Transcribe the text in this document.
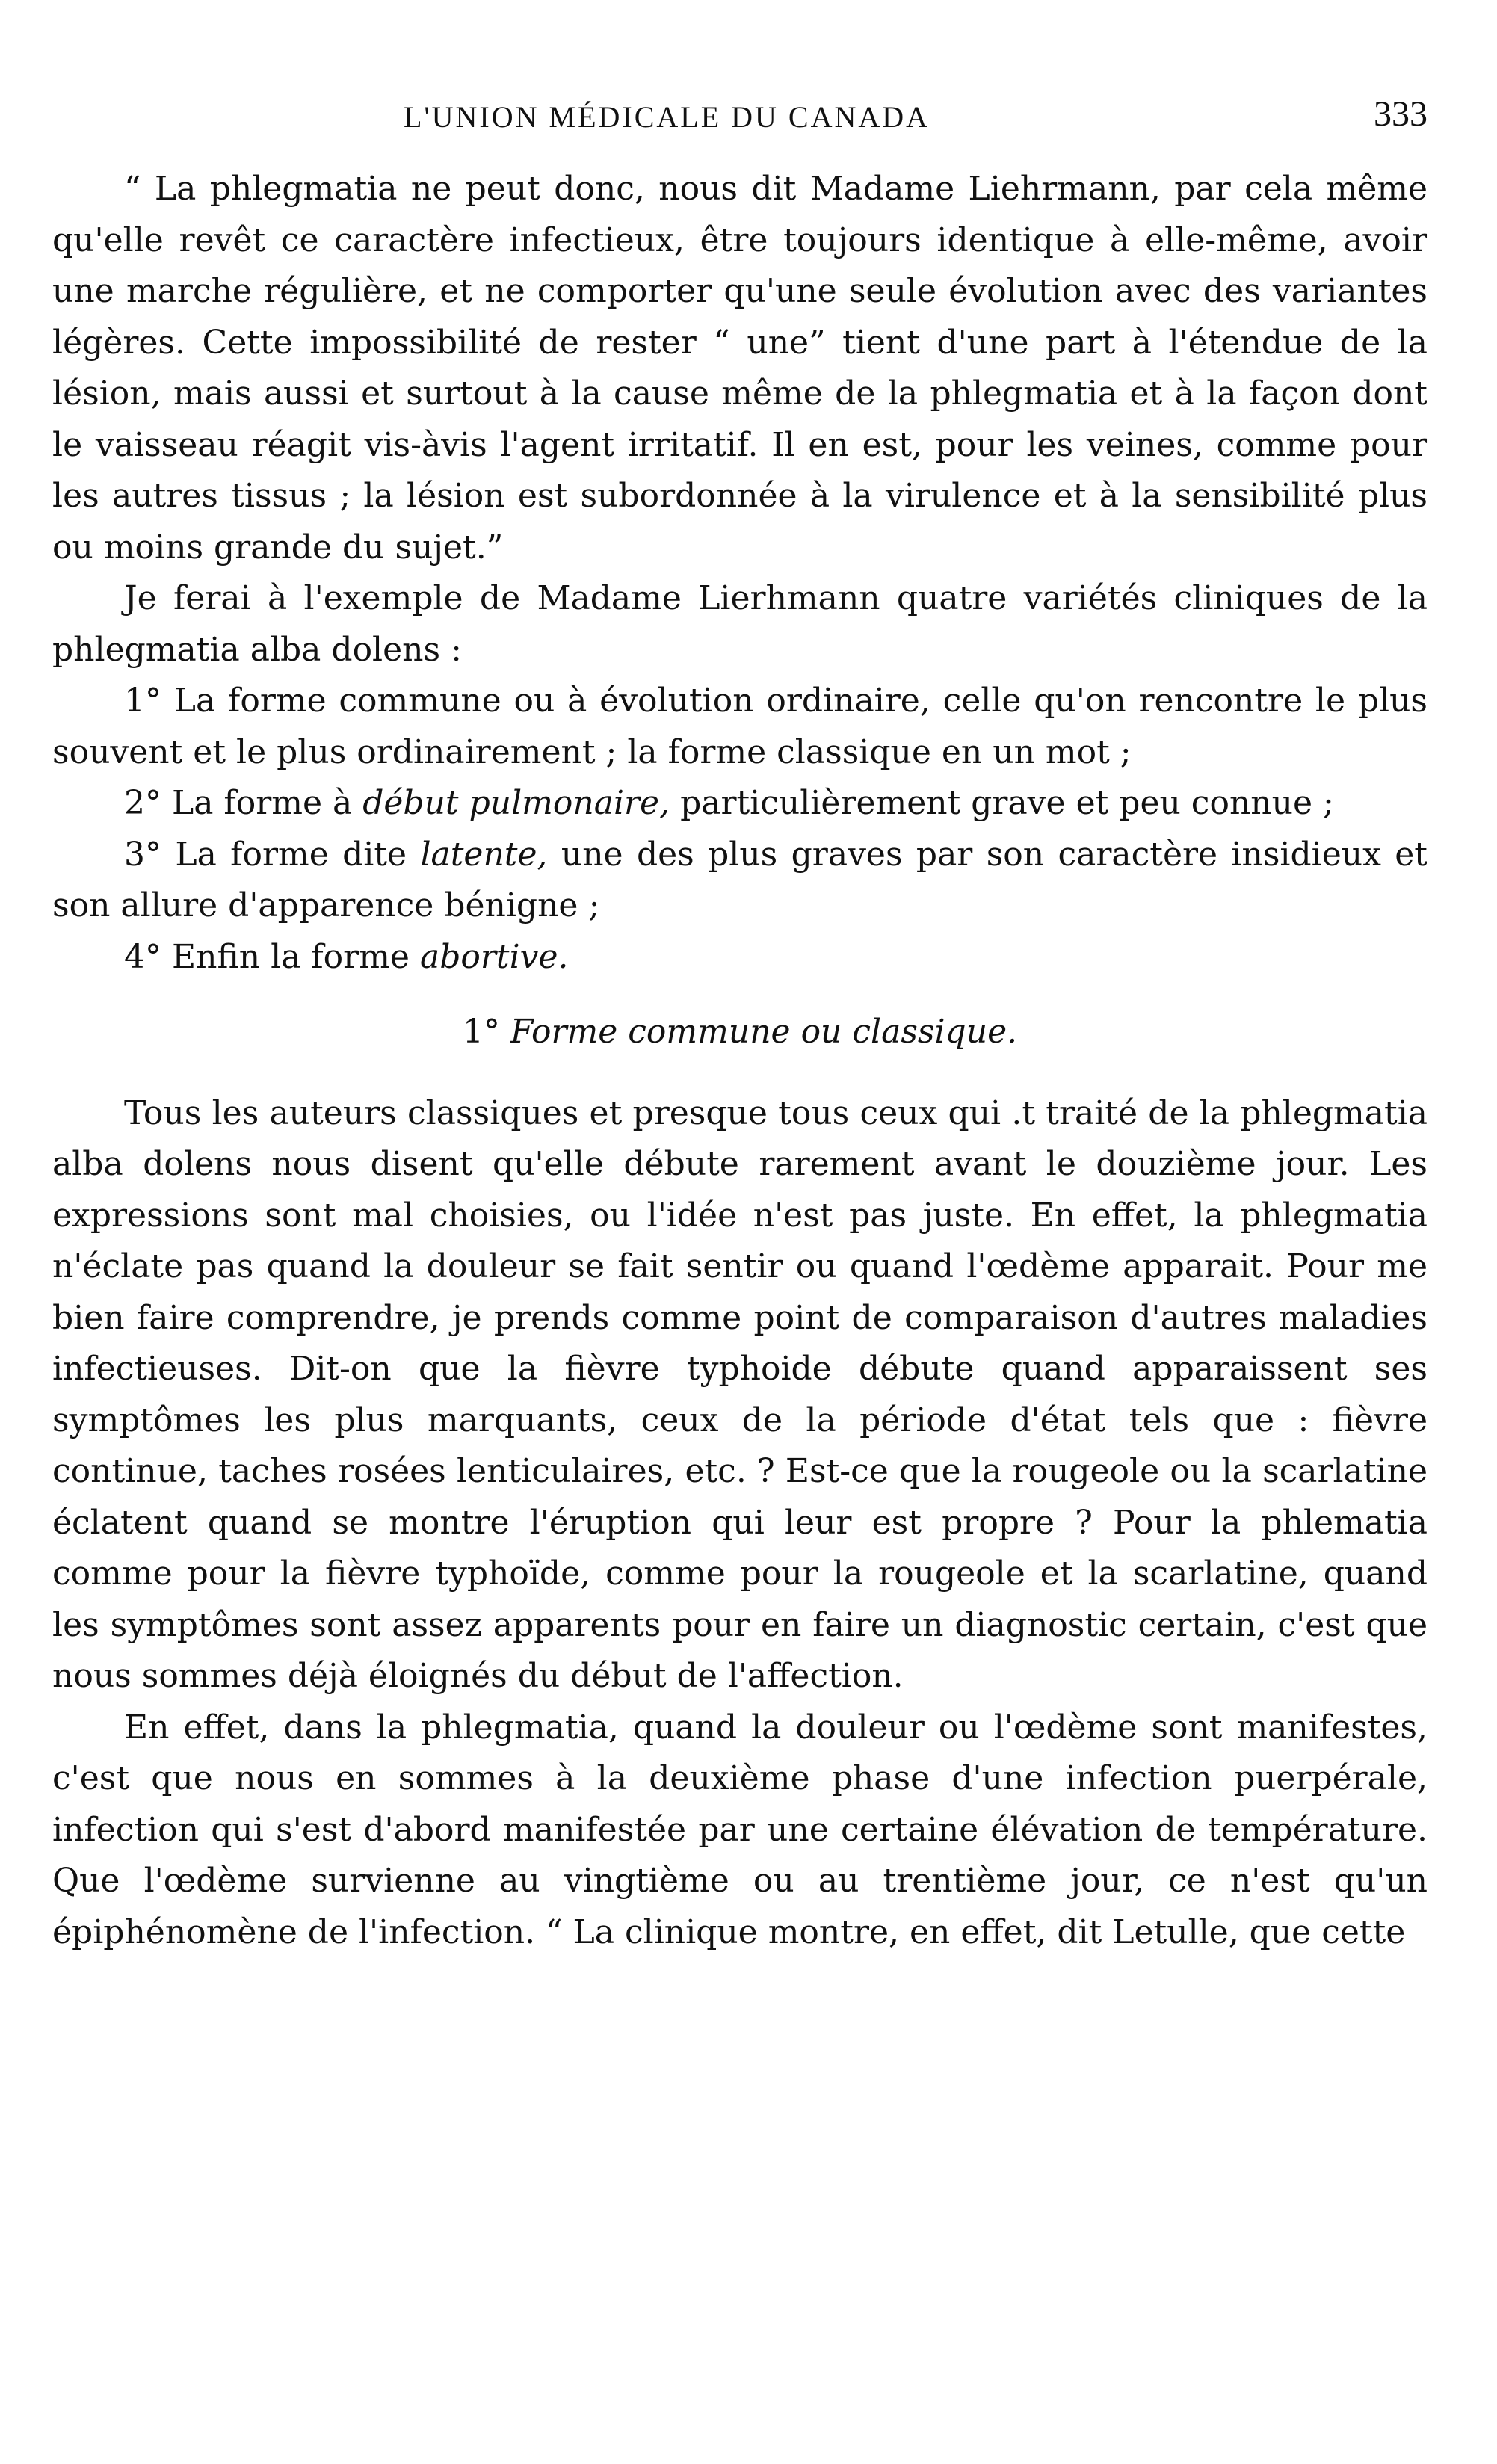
L'UNION MÉDICALE DU CANADA	333

“ La phlegmatia ne peut donc, nous dit Madame Liehrmann, par cela même qu'elle revêt ce caractère infectieux, être toujours identique à elle-même, avoir une marche régulière, et ne comporter qu'une seule évolution avec des variantes légères. Cette impossibilité de rester “ une” tient d'une part à l'étendue de la lésion, mais aussi et surtout à la cause même de la phlegmatia et à la façon dont le vaisseau réagit vis-àvis l'agent irritatif. Il en est, pour les veines, comme pour les autres tissus ; la lésion est subordonnée à la virulence et à la sensibilité plus ou moins grande du sujet.”

Je ferai à l'exemple de Madame Lierhmann quatre variétés cliniques de la phlegmatia alba dolens :

1° La forme commune ou à évolution ordinaire, celle qu'on rencontre le plus souvent et le plus ordinairement ; la forme classique en un mot ;

2° La forme à début pulmonaire, particulièrement grave et peu connue ;

3° La forme dite latente, une des plus graves par son caractère insidieux et son allure d'apparence bénigne ;

4° Enfin la forme abortive.

1° Forme commune ou classique.

Tous les auteurs classiques et presque tous ceux qui .t traité de la phlegmatia alba dolens nous disent qu'elle débute rarement avant le douzième jour. Les expressions sont mal choisies, ou l'idée n'est pas juste. En effet, la phlegmatia n'éclate pas quand la douleur se fait sentir ou quand l'œdème apparait. Pour me bien faire comprendre, je prends comme point de comparaison d'autres maladies infectieuses. Dit-on que la fièvre typhoide débute quand apparaissent ses symptômes les plus marquants, ceux de la période d'état tels que : fièvre continue, taches rosées lenticulaires, etc. ? Est-ce que la rougeole ou la scarlatine éclatent quand se montre l'éruption qui leur est propre ? Pour la phlematia comme pour la fièvre typhoïde, comme pour la rougeole et la scarlatine, quand les symptômes sont assez apparents pour en faire un diagnostic certain, c'est que nous sommes déjà éloignés du début de l'affection.

En effet, dans la phlegmatia, quand la douleur ou l'œdème sont manifestes, c'est que nous en sommes à la deuxième phase d'une infection puerpérale, infection qui s'est d'abord manifestée par une certaine élévation de température. Que l'œdème survienne au vingtième ou au trentième jour, ce n'est qu'un épiphénomène de l'infection. “ La clinique montre, en effet, dit Letulle, que cette
